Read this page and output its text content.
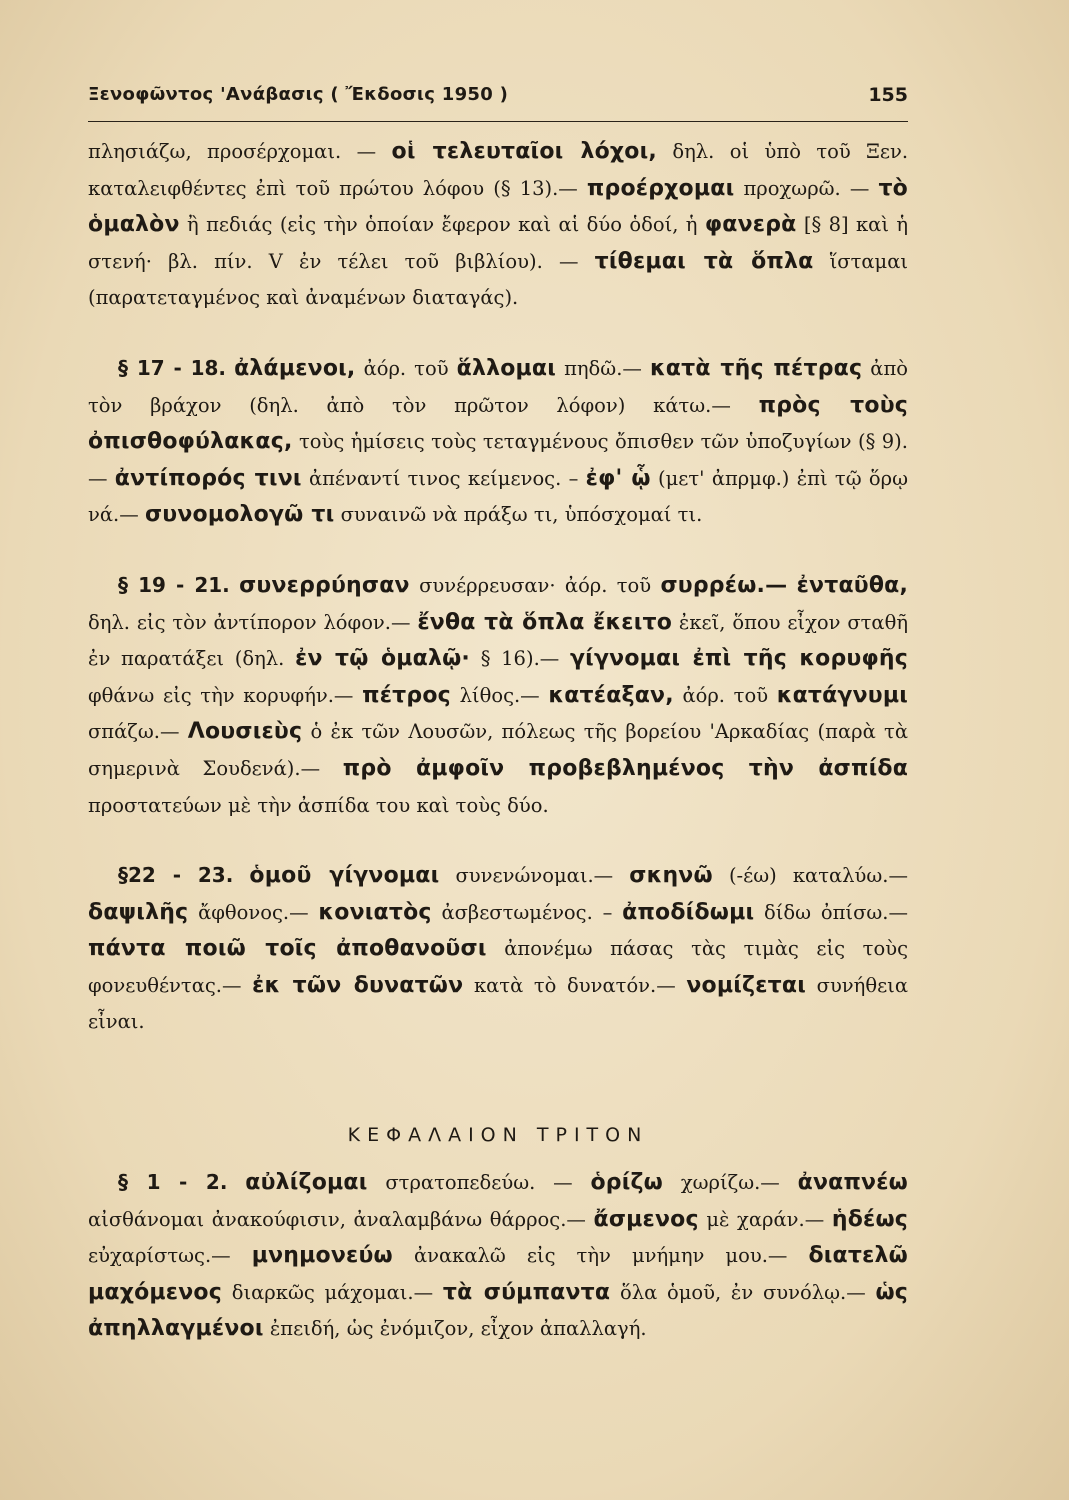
Ξενοφῶντος 'Ανάβασις ( Ἔκδοσις 1950 )	155

πλησιάζω, προσέρχομαι. — οἱ τελευταῖοι λόχοι, δηλ. οἱ ὑπὸ τοῦ Ξεν. καταλειφθέντες ἐπὶ τοῦ πρώτου λόφου (§ 13).— προέρχομαι προχωρῶ. — τὸ ὁμαλὸν ἢ πεδιάς (εἰς τὴν ὁποίαν ἔφερον καὶ αἱ δύο ὁδοί, ἡ φανερὰ [§ 8] καὶ ἡ στενή· βλ. πίν. V ἐν τέλει τοῦ βιβλίου). — τίθεμαι τὰ ὅπλα ἵσταμαι (παρατεταγμένος καὶ ἀναμένων διαταγάς).

§ 17 - 18. ἀλάμενοι, ἀόρ. τοῦ ἅλλομαι πηδῶ.— κατὰ τῆς πέτρας ἀπὸ τὸν βράχον (δηλ. ἀπὸ τὸν πρῶτον λόφον) κάτω.— πρὸς τοὺς ὀπισθοφύλακας, τοὺς ἡμίσεις τοὺς τεταγμένους ὄπισθεν τῶν ὑποζυγίων (§ 9).— ἀντίπορός τινι ἀπέναντί τινος κείμενος. – ἐφ' ᾧ (μετ' ἀπρμφ.) ἐπὶ τῷ ὅρῳ νά.— συνομολογῶ τι συναινῶ νὰ πράξω τι, ὑπόσχομαί τι.

§ 19 - 21. συνερρύησαν συνέρρευσαν· ἀόρ. τοῦ συρρέω.— ἐνταῦθα, δηλ. εἰς τὸν ἀντίπορον λόφον.— ἔνθα τὰ ὅπλα ἔκειτο ἐκεῖ, ὅπου εἶχον σταθῆ ἐν παρατάξει (δηλ. ἐν τῷ ὁμαλῷ· § 16).— γίγνομαι ἐπὶ τῆς κορυφῆς φθάνω εἰς τὴν κορυφήν.— πέτρος λίθος.— κατέαξαν, ἀόρ. τοῦ κατάγνυμι σπάζω.— Λουσιεὺς ὁ ἐκ τῶν Λουσῶν, πόλεως τῆς βορείου 'Αρκαδίας (παρὰ τὰ σημερινὰ Σουδενά).— πρὸ ἀμφοῖν προβεβλημένος τὴν ἀσπίδα προστατεύων μὲ τὴν ἀσπίδα του καὶ τοὺς δύο.

§22 - 23. ὁμοῦ γίγνομαι συνενώνομαι.— σκηνῶ (-έω) καταλύω.— δαψιλῆς ἄφθονος.— κονιατὸς ἀσβεστωμένος. – ἀποδίδωμι δίδω ὀπίσω.— πάντα ποιῶ τοῖς ἀποθανοῦσι ἀπονέμω πάσας τὰς τιμὰς εἰς τοὺς φονευθέντας.— ἐκ τῶν δυνατῶν κατὰ τὸ δυνατόν.— νομίζεται συνήθεια εἶναι.

ΚΕΦΑΛΑΙΟΝ ΤΡΙΤΟΝ

§ 1 - 2. αὐλίζομαι στρατοπεδεύω. — ὁρίζω χωρίζω.— ἀναπνέω αἰσθάνομαι ἀνακούφισιν, ἀναλαμβάνω θάρρος.— ἄσμενος μὲ χαράν.— ἡδέως εὐχαρίστως.— μνημονεύω ἀνακαλῶ εἰς τὴν μνήμην μου.— διατελῶ μαχόμενος διαρκῶς μάχομαι.— τὰ σύμπαντα ὅλα ὁμοῦ, ἐν συνόλῳ.— ὡς ἀπηλλαγμένοι ἐπειδή, ὡς ἐνόμιζον, εἶχον ἀπαλλαγή.
